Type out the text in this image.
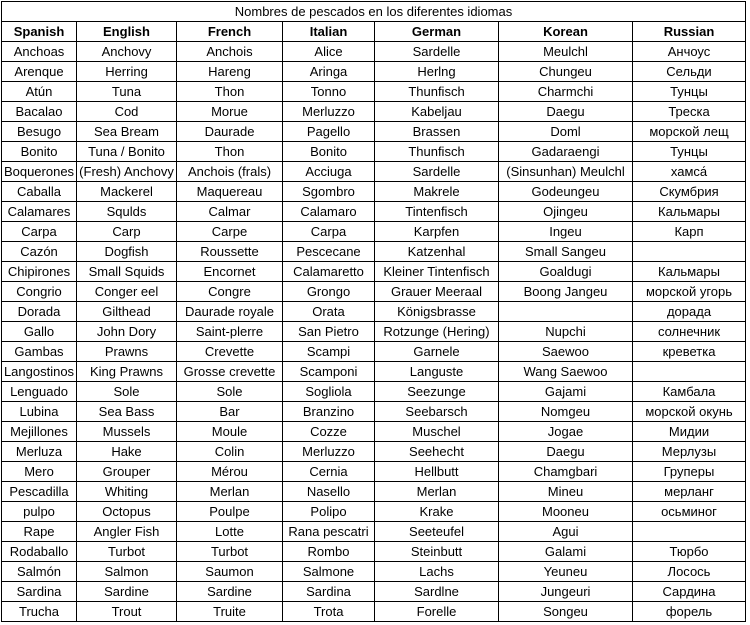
Nombres de pescados en los diferentes idiomas						
Spanish	English	French	Italian	German	Korean	Russian
Anchoas	Anchovy	Anchois	Alice	Sardelle	Meulchl	Анчоус
Arenque	Herring	Hareng	Aringa	Herlng	Chungeu	Сельди
Atún	Tuna	Thon	Tonno	Thunfisch	Charmchi	Тунцы
Bacalao	Cod	Morue	Merluzzo	Kabeljau	Daegu	Треска
Besugo	Sea Bream	Daurade	Pagello	Brassen	Doml	морской лещ
Bonito	Tuna / Bonito	Thon	Bonito	Thunfisch	Gadaraengi	Тунцы
Boquerones	(Fresh) Anchovy	Anchois (frals)	Acciuga	Sardelle	(Sinsunhan) Meulchl	хамса́
Caballa	Mackerel	Maquereau	Sgombro	Makrele	Godeungeu	Скумбрия
Calamares	Squlds	Calmar	Calamaro	Tintenfisch	Ojingeu	Кальмары
Carpa	Carp	Carpe	Carpa	Karpfen	Ingeu	Карп
Cazón	Dogfish	Roussette	Pescecane	Katzenhal	Small Sangeu	
Chipirones	Small Squids	Encornet	Calamaretto	Kleiner Tintenfisch	Goaldugi	Кальмары
Congrio	Conger eel	Congre	Grongo	Grauer Meeraal	Boong Jangeu	морской угорь
Dorada	Gilthead	Daurade royale	Orata	Königsbrasse		дорада
Gallo	John Dory	Saint-plerre	San Pietro	Rotzunge (Hering)	Nupchi	солнечник
Gambas	Prawns	Crevette	Scampi	Garnele	Saewoo	креветка
Langostinos	King Prawns	Grosse crevette	Scamponi	Languste	Wang Saewoo	
Lenguado	Sole	Sole	Sogliola	Seezunge	Gajami	Камбала
Lubina	Sea Bass	Bar	Branzino	Seebarsch	Nomgeu	морской окунь
Mejillones	Mussels	Moule	Cozze	Muschel	Jogae	Мидии
Merluza	Hake	Colin	Merluzzo	Seehecht	Daegu	Мерлузы
Mero	Grouper	Mérou	Cernia	Hellbutt	Chamgbari	Груперы
Pescadilla	Whiting	Merlan	Nasello	Merlan	Mineu	мерланг
pulpo	Octopus	Poulpe	Polipo	Krake	Mooneu	осьминог
Rape	Angler Fish	Lotte	Rana pescatri	Seeteufel	Agui	
Rodaballo	Turbot	Turbot	Rombo	Steinbutt	Galami	Тюрбо
Salmón	Salmon	Saumon	Salmone	Lachs	Yeuneu	Лосось
Sardina	Sardine	Sardine	Sardina	Sardlne	Jungeuri	Сардина
Trucha	Trout	Truite	Trota	Forelle	Songeu	форель
